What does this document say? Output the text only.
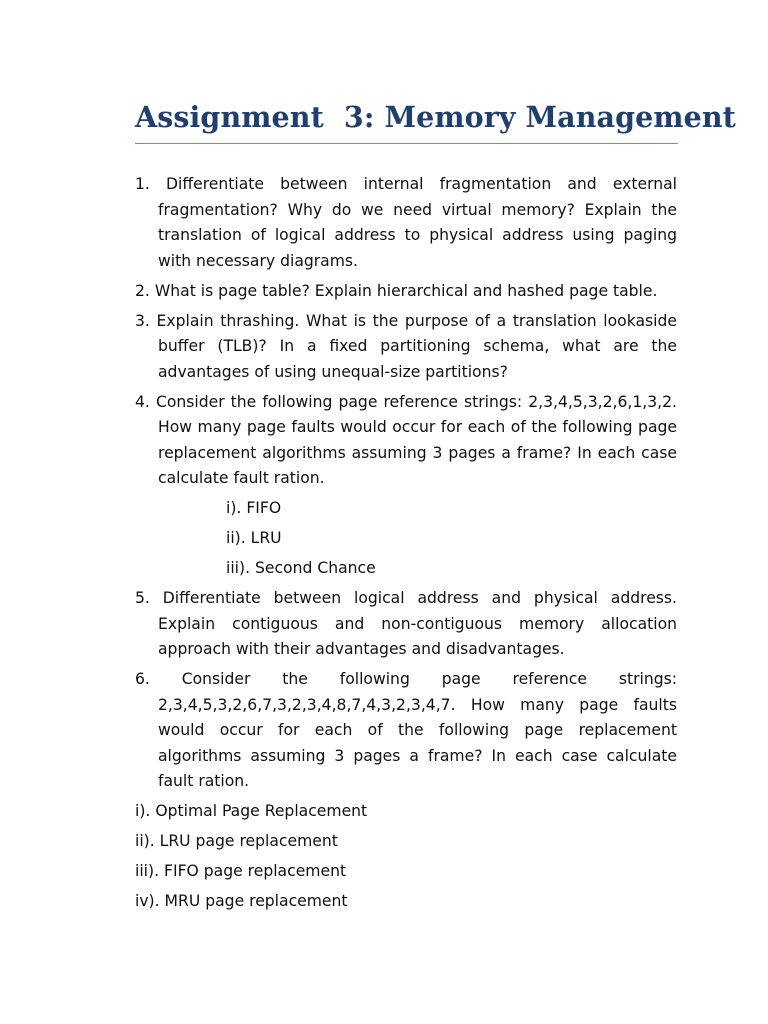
Assignment  3: Memory Management
1. Differentiate between internal fragmentation and external fragmentation? Why do we need virtual memory? Explain the translation of logical address to physical address using paging with necessary diagrams.
2. What is page table? Explain hierarchical and hashed page table.
3. Explain thrashing. What is the purpose of a translation lookaside buffer (TLB)? In a fixed partitioning schema, what are the advantages of using unequal-size partitions?
4. Consider the following page reference strings: 2,3,4,5,3,2,6,1,3,2. How many page faults would occur for each of the following page replacement algorithms assuming 3 pages a frame? In each case calculate fault ration.
i). FIFO
ii). LRU
iii). Second Chance
5. Differentiate between logical address and physical address. Explain contiguous and non-contiguous memory allocation approach with their advantages and disadvantages.
6. Consider the following page reference strings:
2,3,4,5,3,2,6,7,3,2,3,4,8,7,4,3,2,3,4,7. How many page faults would occur for each of the following page replacement algorithms assuming 3 pages a frame? In each case calculate fault ration.
i). Optimal Page Replacement
ii). LRU page replacement
iii). FIFO page replacement
iv). MRU page replacement
